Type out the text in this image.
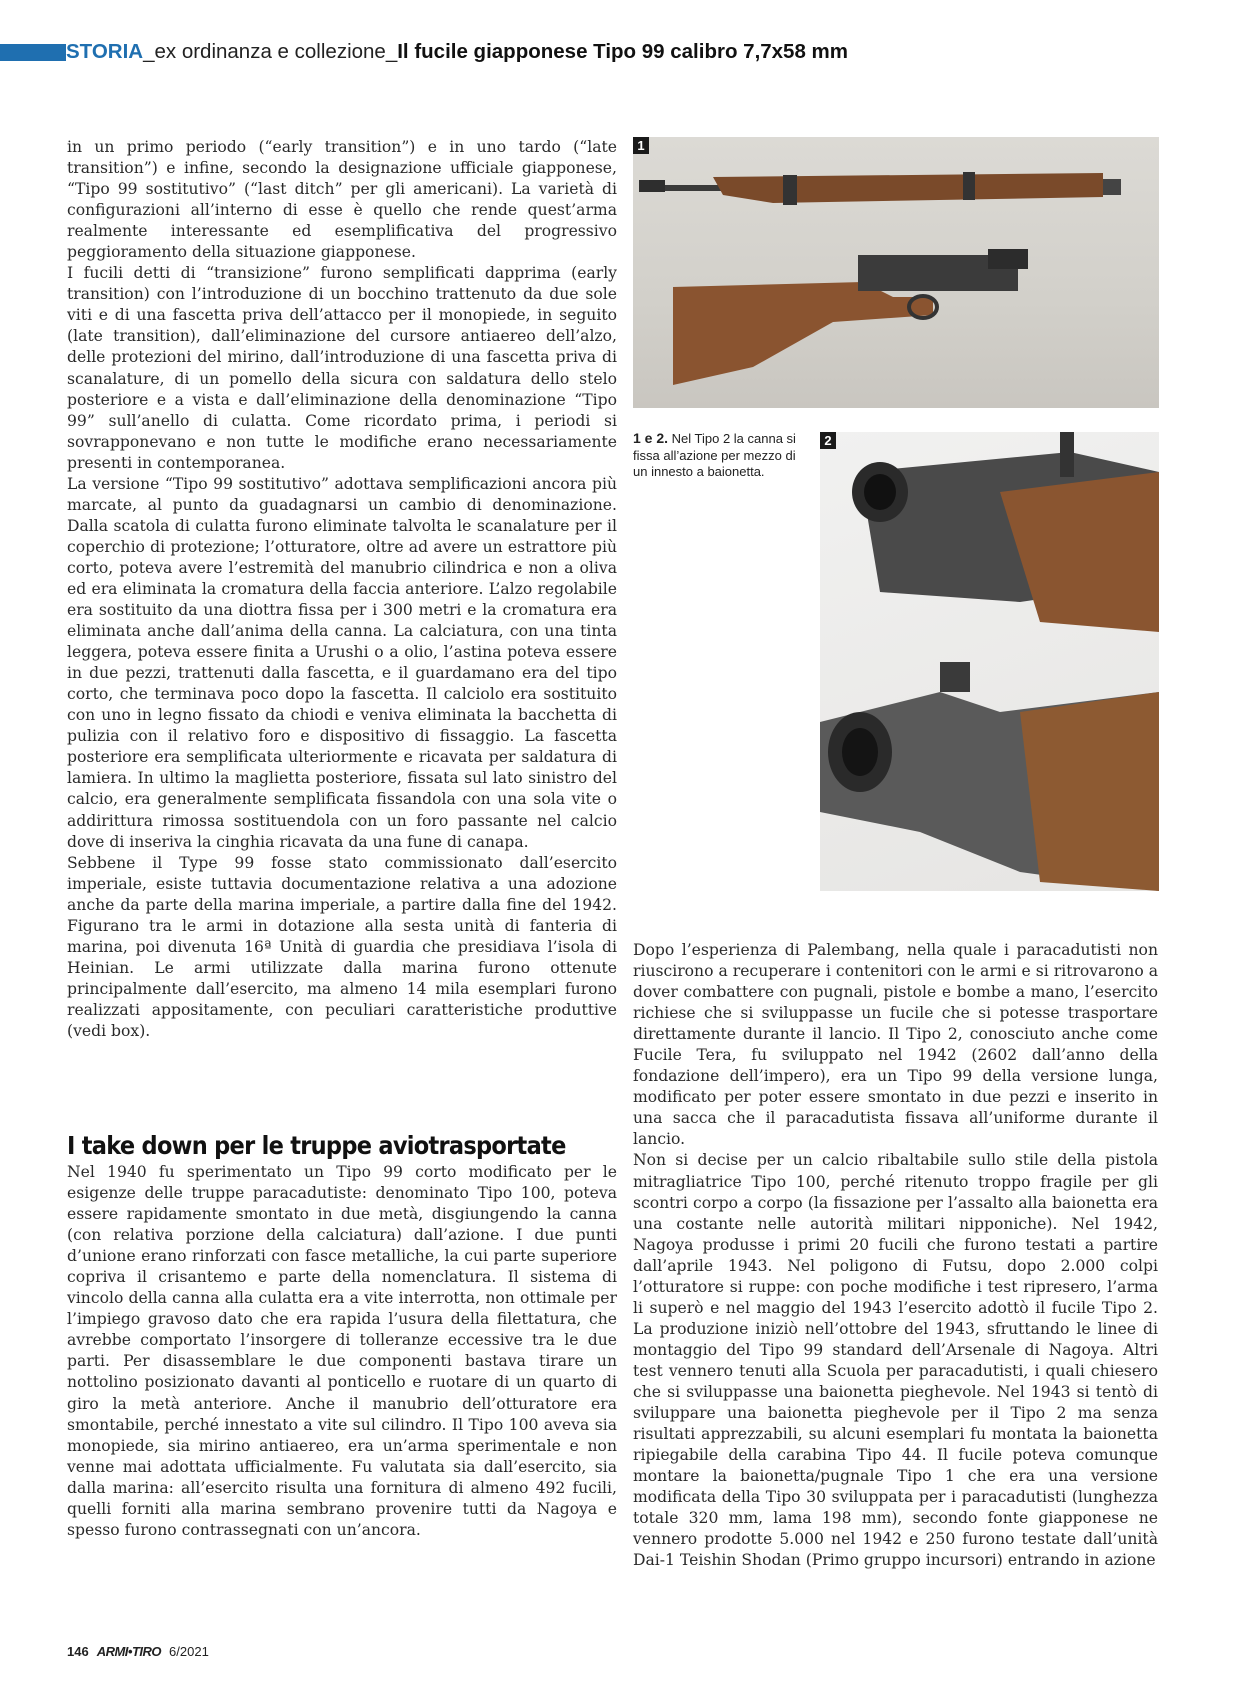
STORIA_ex ordinanza e collezione_Il fucile giapponese Tipo 99 calibro 7,7x58 mm

in un primo periodo (“early transition”) e in uno tardo (“late transition”) e infine, secondo la designazione ufficiale giapponese, “Tipo 99 sostitutivo” (“last ditch” per gli americani). La varietà di configurazioni all’interno di esse è quello che rende quest’arma realmente interessante ed esemplificativa del progressivo peggioramento della situazione giapponese.

I fucili detti di “transizione” furono semplificati dapprima (early transition) con l’introduzione di un bocchino trattenuto da due sole viti e di una fascetta priva dell’attacco per il monopiede, in seguito (late transition), dall’eliminazione del cursore antiaereo dell’alzo, delle protezioni del mirino, dall’introduzione di una fascetta priva di scanalature, di un pomello della sicura con saldatura dello stelo posteriore e a vista e dall’eliminazione della denominazione “Tipo 99” sull’anello di culatta. Come ricordato prima, i periodi si sovrapponevano e non tutte le modifiche erano necessariamente presenti in contemporanea.

La versione “Tipo 99 sostitutivo” adottava semplificazioni ancora più marcate, al punto da guadagnarsi un cambio di denominazione. Dalla scatola di culatta furono eliminate talvolta le scanalature per il coperchio di protezione; l’otturatore, oltre ad avere un estrattore più corto, poteva avere l’estremità del manubrio cilindrica e non a oliva ed era eliminata la cromatura della faccia anteriore. L’alzo regolabile era sostituito da una diottra fissa per i 300 metri e la cromatura era eliminata anche dall’anima della canna. La calciatura, con una tinta leggera, poteva essere finita a Urushi o a olio, l’astina poteva essere in due pezzi, trattenuti dalla fascetta, e il guardamano era del tipo corto, che terminava poco dopo la fascetta. Il calciolo era sostituito con uno in legno fissato da chiodi e veniva eliminata la bacchetta di pulizia con il relativo foro e dispositivo di fissaggio. La fascetta posteriore era semplificata ulteriormente e ricavata per saldatura di lamiera. In ultimo la maglietta posteriore, fissata sul lato sinistro del calcio, era generalmente semplificata fissandola con una sola vite o addirittura rimossa sostituendola con un foro passante nel calcio dove di inseriva la cinghia ricavata da una fune di canapa.

Sebbene il Type 99 fosse stato commissionato dall’esercito imperiale, esiste tuttavia documentazione relativa a una adozione anche da parte della marina imperiale, a partire dalla fine del 1942. Figurano tra le armi in dotazione alla sesta unità di fanteria di marina, poi divenuta 16ª Unità di guardia che presidiava l’isola di Heinian. Le armi utilizzate dalla marina furono ottenute principalmente dall’esercito, ma almeno 14 mila esemplari furono realizzati appositamente, con peculiari caratteristiche produttive (vedi box).

I take down per le truppe aviotrasportate

Nel 1940 fu sperimentato un Tipo 99 corto modificato per le esigenze delle truppe paracadutiste: denominato Tipo 100, poteva essere rapidamente smontato in due metà, disgiungendo la canna (con relativa porzione della calciatura) dall’azione. I due punti d’unione erano rinforzati con fasce metalliche, la cui parte superiore copriva il crisantemo e parte della nomenclatura. Il sistema di vincolo della canna alla culatta era a vite interrotta, non ottimale per l’impiego gravoso dato che era rapida l’usura della filettatura, che avrebbe comportato l’insorgere di tolleranze eccessive tra le due parti. Per disassemblare le due componenti bastava tirare un nottolino posizionato davanti al ponticello e ruotare di un quarto di giro la metà anteriore. Anche il manubrio dell’otturatore era smontabile, perché innestato a vite sul cilindro. Il Tipo 100 aveva sia monopiede, sia mirino antiaereo, era un’arma sperimentale e non venne mai adottata ufficialmente. Fu valutata sia dall’esercito, sia dalla marina: all’esercito risulta una fornitura di almeno 492 fucili, quelli forniti alla marina sembrano provenire tutti da Nagoya e spesso furono contrassegnati con un’ancora.

1
1 e 2. Nel Tipo 2 la canna si fissa all’azione per mezzo di un innesto a baionetta.
2

Dopo l’esperienza di Palembang, nella quale i paracadutisti non riuscirono a recuperare i contenitori con le armi e si ritrovarono a dover combattere con pugnali, pistole e bombe a mano, l’esercito richiese che si sviluppasse un fucile che si potesse trasportare direttamente durante il lancio. Il Tipo 2, conosciuto anche come Fucile Tera, fu sviluppato nel 1942 (2602 dall’anno della fondazione dell’impero), era un Tipo 99 della versione lunga, modificato per poter essere smontato in due pezzi e inserito in una sacca che il paracadutista fissava all’uniforme durante il lancio.

Non si decise per un calcio ribaltabile sullo stile della pistola mitragliatrice Tipo 100, perché ritenuto troppo fragile per gli scontri corpo a corpo (la fissazione per l’assalto alla baionetta era una costante nelle autorità militari nipponiche). Nel 1942, Nagoya produsse i primi 20 fucili che furono testati a partire dall’aprile 1943. Nel poligono di Futsu, dopo 2.000 colpi l’otturatore si ruppe: con poche modifiche i test ripresero, l’arma li superò e nel maggio del 1943 l’esercito adottò il fucile Tipo 2. La produzione iniziò nell’ottobre del 1943, sfruttando le linee di montaggio del Tipo 99 standard dell’Arsenale di Nagoya. Altri test vennero tenuti alla Scuola per paracadutisti, i quali chiesero che si sviluppasse una baionetta pieghevole. Nel 1943 si tentò di sviluppare una baionetta pieghevole per il Tipo 2 ma senza risultati apprezzabili, su alcuni esemplari fu montata la baionetta ripiegabile della carabina Tipo 44. Il fucile poteva comunque montare la baionetta/pugnale Tipo 1 che era una versione modificata della Tipo 30 sviluppata per i paracadutisti (lunghezza totale 320 mm, lama 198 mm), secondo fonte giapponese ne vennero prodotte 5.000 nel 1942 e 250 furono testate dall’unità Dai-1 Teishin Shodan (Primo gruppo incursori) entrando in azione

146 ARMI•TIRO 6/2021
